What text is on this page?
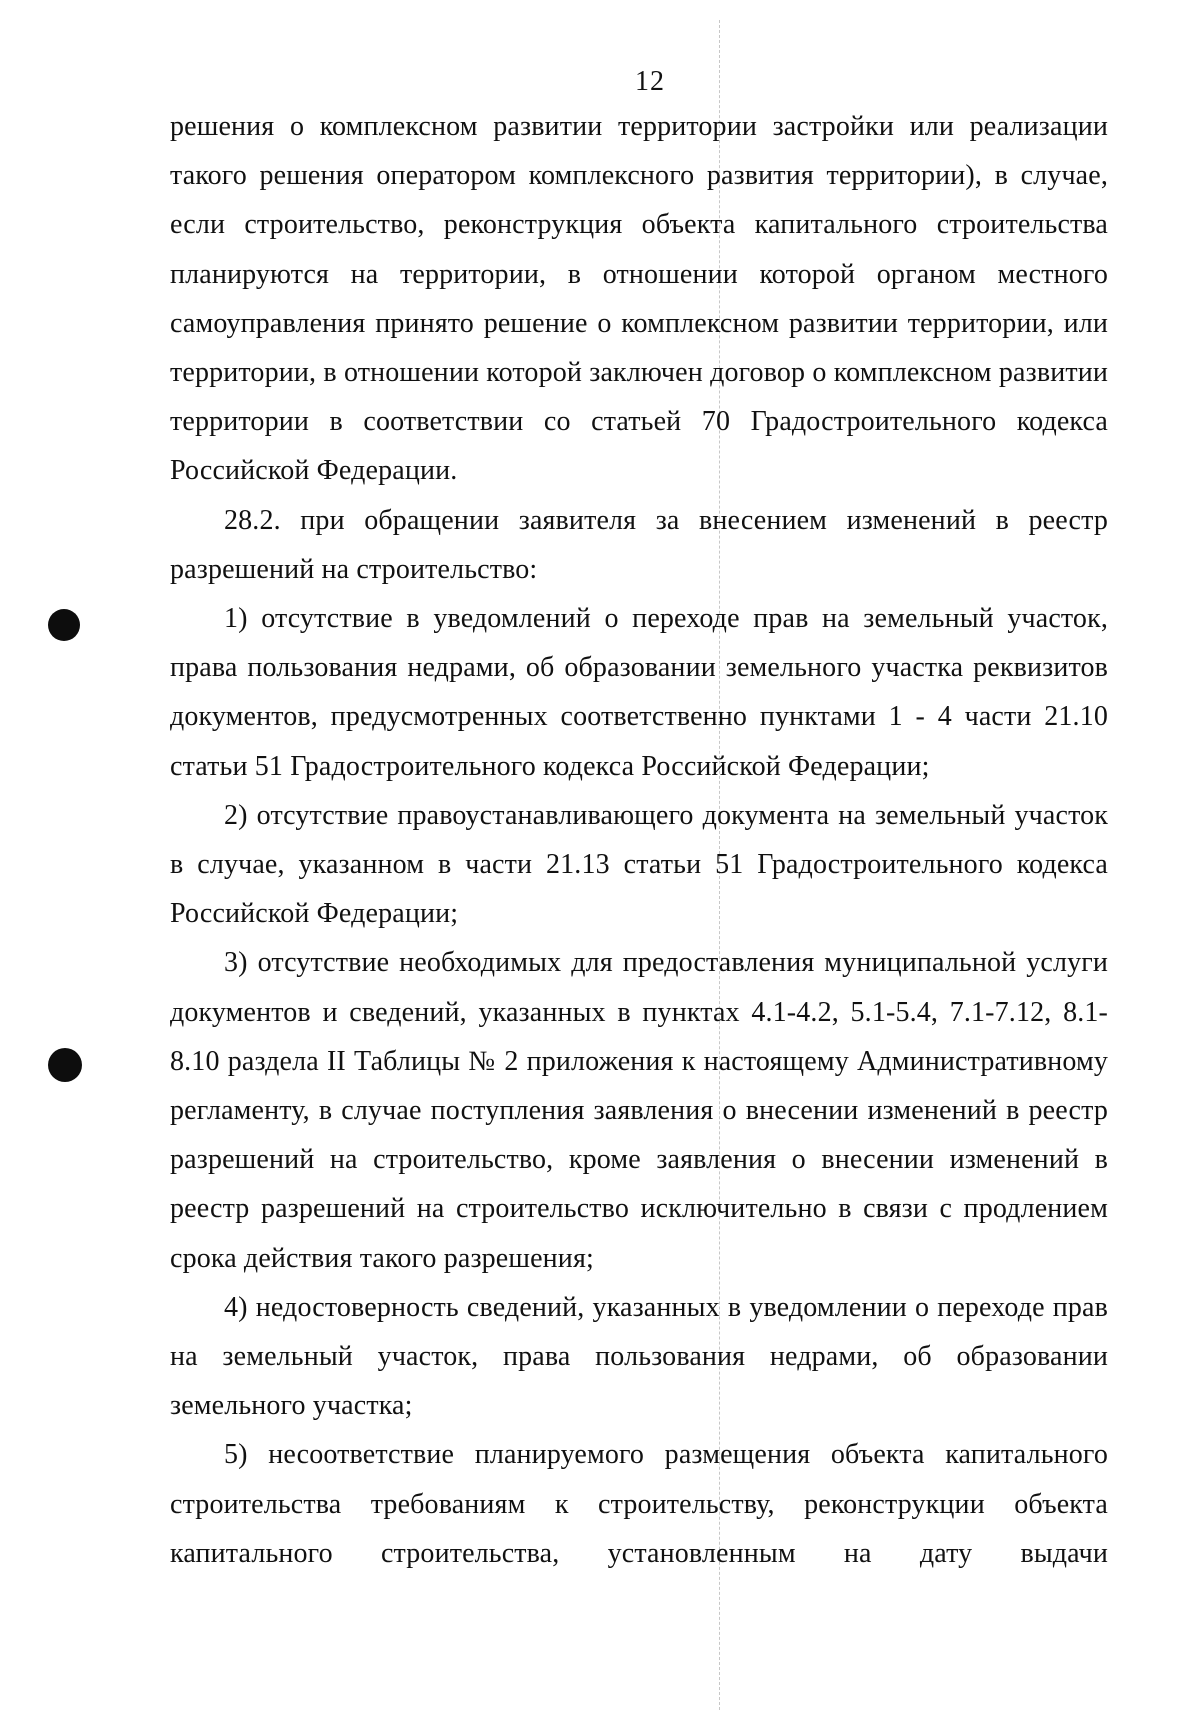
12

решения о комплексном развитии территории застройки или реализации такого решения оператором комплексного развития территории), в случае, если строительство, реконструкция объекта капитального строительства планируются на территории, в отношении которой органом местного самоуправления принято решение о комплексном развитии территории, или территории, в отношении которой заключен договор о комплексном развитии территории в соответствии со статьей 70 Градостроительного кодекса Российской Федерации.

28.2. при обращении заявителя за внесением изменений в реестр разрешений на строительство:

1) отсутствие в уведомлений о переходе прав на земельный участок, права пользования недрами, об образовании земельного участка реквизитов документов, предусмотренных соответственно пунктами 1 - 4 части 21.10 статьи 51 Градостроительного кодекса Российской Федерации;

2) отсутствие правоустанавливающего документа на земельный участок в случае, указанном в части 21.13 статьи 51 Градостроительного кодекса Российской Федерации;

3) отсутствие необходимых для предоставления муниципальной услуги документов и сведений, указанных в пунктах 4.1-4.2, 5.1-5.4, 7.1-7.12, 8.1-8.10 раздела II Таблицы № 2 приложения к настоящему Административному регламенту, в случае поступления заявления о внесении изменений в реестр разрешений на строительство, кроме заявления о внесении изменений в реестр разрешений на строительство исключительно в связи с продлением срока действия такого разрешения;

4) недостоверность сведений, указанных в уведомлении о переходе прав на земельный участок, права пользования недрами, об образовании земельного участка;

5) несоответствие планируемого размещения объекта капитального строительства требованиям к строительству, реконструкции объекта капитального строительства, установленным на дату выдачи
